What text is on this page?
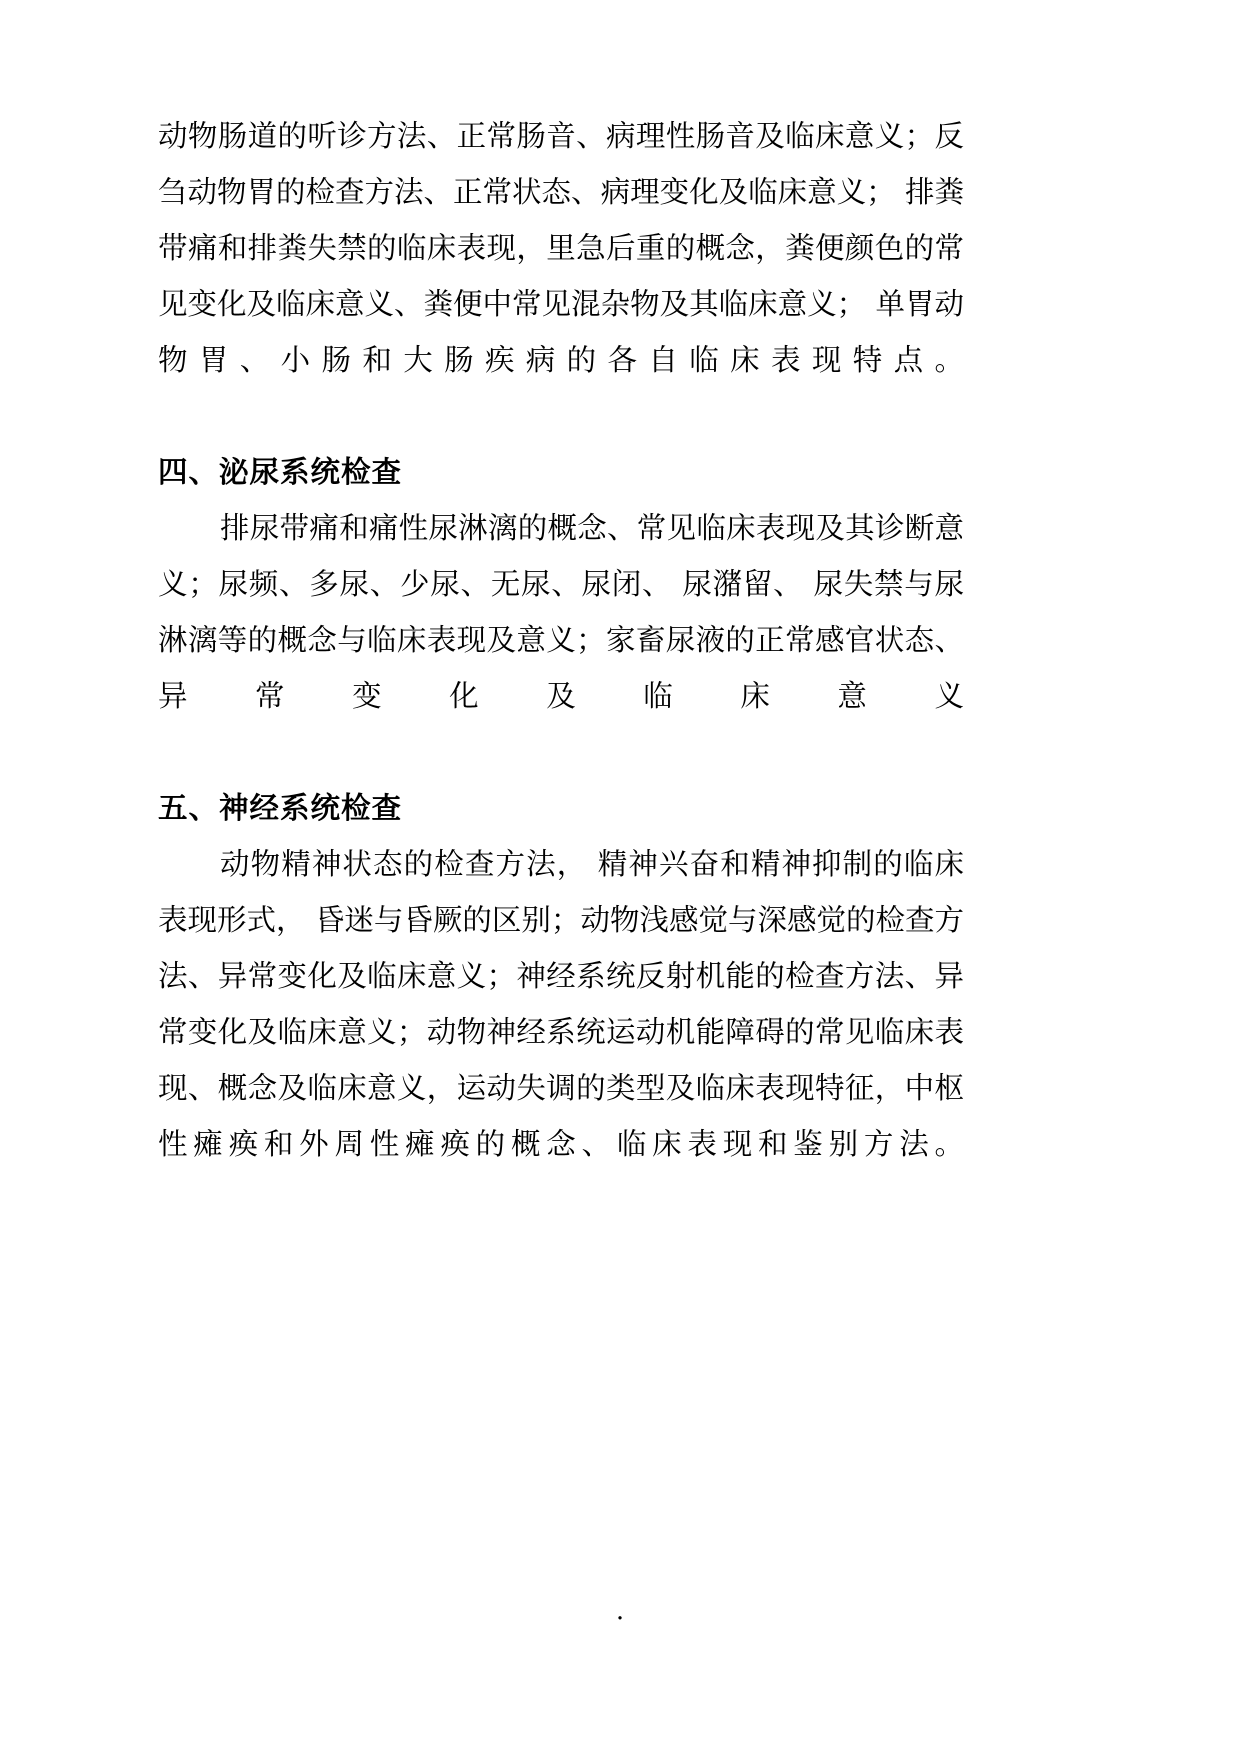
动物肠道的听诊方法、正常肠音、病理性肠音及临床意义；反刍动物胃的检查方法、正常状态、病理变化及临床意义； 排粪带痛和排粪失禁的临床表现，里急后重的概念，粪便颜色的常见变化及临床意义、粪便中常见混杂物及其临床意义； 单胃动物胃、小肠和大肠疾病的各自临床表现特点。

四、泌尿系统检查

排尿带痛和痛性尿淋漓的概念、常见临床表现及其诊断意义；尿频、多尿、少尿、无尿、尿闭、 尿潴留、 尿失禁与尿淋漓等的概念与临床表现及意义；家畜尿液的正常感官状态、异常变化及临床意义

五、神经系统检查

动物精神状态的检查方法， 精神兴奋和精神抑制的临床表现形式， 昏迷与昏厥的区别；动物浅感觉与深感觉的检查方法、异常变化及临床意义；神经系统反射机能的检查方法、异常变化及临床意义；动物神经系统运动机能障碍的常见临床表现、概念及临床意义，运动失调的类型及临床表现特征，中枢性瘫痪和外周性瘫痪的概念、临床表现和鉴别方法。

.
